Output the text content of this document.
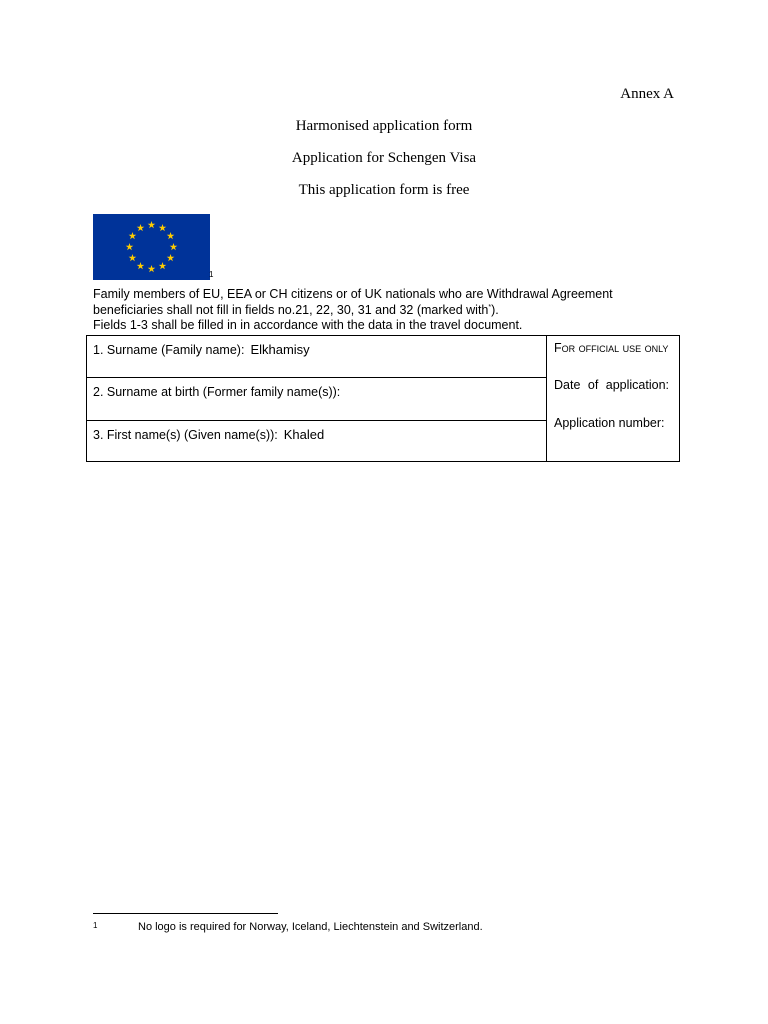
Annex A
Harmonised application form
Application for Schengen Visa
This application form is free
1
Family members of EU, EEA or CH citizens or of UK nationals who are Withdrawal Agreement
beneficiaries shall not fill in fields no.21, 22, 30, 31 and 32 (marked with*).
Fields 1-3 shall be filled in in accordance with the data in the travel document.
1. Surname (Family name): Elkhamisy
2. Surname at birth (Former family name(s)):
3. First name(s) (Given name(s)): Khaled
For official use only
Date of application:
Application number:
1	No logo is required for Norway, Iceland, Liechtenstein and Switzerland.
